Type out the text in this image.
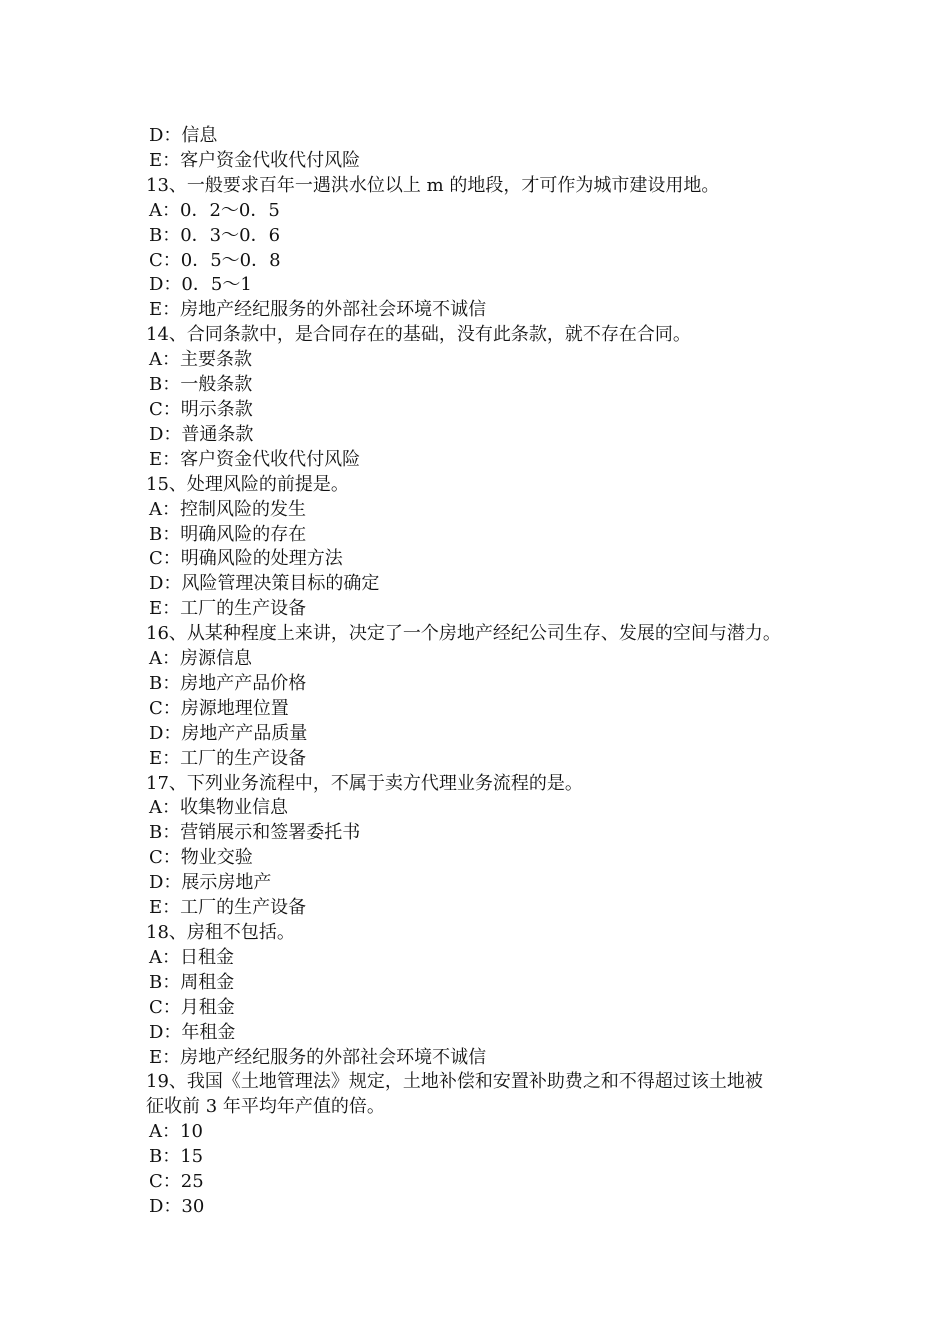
D：信息

E：客户资金代收代付风险

13、一般要求百年一遇洪水位以上 m 的地段，才可作为城市建设用地。

A：0．2～0．5

B：0．3～0．6

C：0．5～0．8

D：0．5～1

E：房地产经纪服务的外部社会环境不诚信

14、合同条款中，是合同存在的基础，没有此条款，就不存在合同。

A：主要条款

B：一般条款

C：明示条款

D：普通条款

E：客户资金代收代付风险

15、处理风险的前提是。

A：控制风险的发生

B：明确风险的存在

C：明确风险的处理方法

D：风险管理决策目标的确定

E：工厂的生产设备

16、从某种程度上来讲，决定了一个房地产经纪公司生存、发展的空间与潜力。

A：房源信息

B：房地产产品价格

C：房源地理位置

D：房地产产品质量

E：工厂的生产设备

17、下列业务流程中，不属于卖方代理业务流程的是。

A：收集物业信息

B：营销展示和签署委托书

C：物业交验

D：展示房地产

E：工厂的生产设备

18、房租不包括。

A：日租金

B：周租金

C：月租金

D：年租金

E：房地产经纪服务的外部社会环境不诚信

19、我国《土地管理法》规定，土地补偿和安置补助费之和不得超过该土地被

征收前 3 年平均年产值的倍。

A：10

B：15

C：25

D：30
